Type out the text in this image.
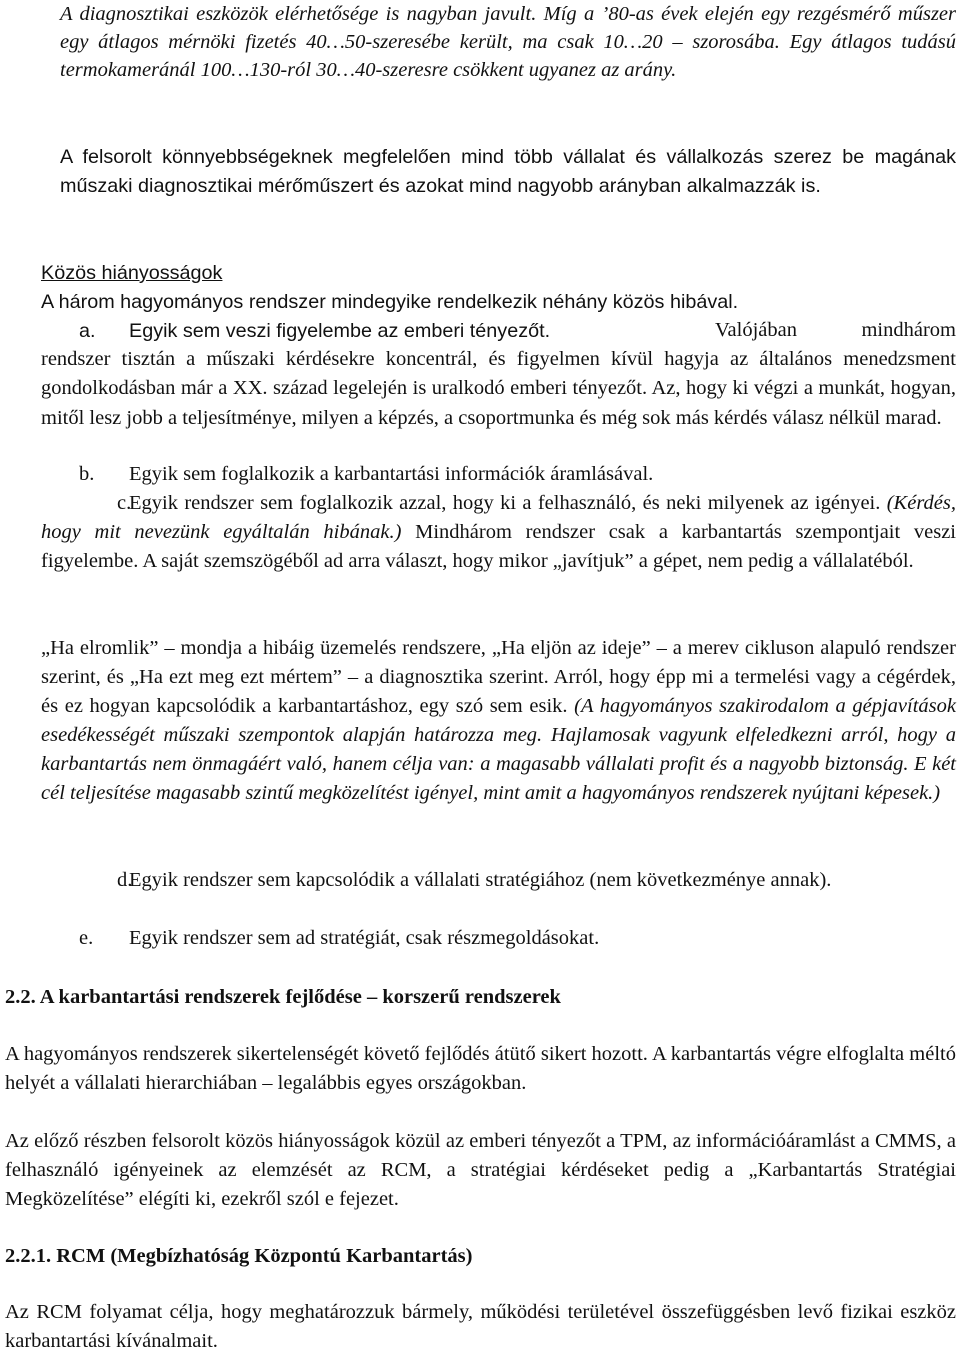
A diagnosztikai eszközök elérhetősége is nagyban javult. Míg a ’80-as évek elején egy rezgésmérő műszer egy átlagos mérnöki fizetés 40…50-szeresébe került, ma csak 10…20 – szorosába. Egy átlagos tudású termokameránál 100…130-ról 30…40-szeresre csökkent ugyanez az arány.

A felsorolt könnyebbségeknek megfelelően mind több vállalat és vállalkozás szerez be magának műszaki diagnosztikai mérőműszert és azokat mind nagyobb arányban alkalmazzák is.

Közös hiányosságok

A három hagyományos rendszer mindegyike rendelkezik néhány közös hibával.
a. Egyik sem veszi figyelembe az emberi tényezőt.	Valójában mindhárom rendszer tisztán a műszaki kérdésekre koncentrál, és figyelmen kívül hagyja az általános menedzsment gondolkodásban már a XX. század legelején is uralkodó emberi tényezőt. Az, hogy ki végzi a munkát, hogyan, mitől lesz jobb a teljesítménye, milyen a képzés, a csoportmunka és még sok más kérdés válasz nélkül marad.

b. Egyik sem foglalkozik a karbantartási információk áramlásával.

c.Egyik rendszer sem foglalkozik azzal, hogy ki a felhasználó, és neki milyenek az igényei. (Kérdés, hogy mit nevezünk egyáltalán hibának.) Mindhárom rendszer csak a karbantartás szempontjait veszi figyelembe. A saját szemszögéből ad arra választ, hogy mikor „javítjuk” a gépet, nem pedig a vállalatéból.

„Ha elromlik” – mondja a hibáig üzemelés rendszere, „Ha eljön az ideje” – a merev cikluson alapuló rendszer szerint, és „Ha ezt meg ezt mértem” – a diagnosztika szerint. Arról, hogy épp mi a termelési vagy a cégérdek, és ez hogyan kapcsolódik a karbantartáshoz, egy szó sem esik. (A hagyományos szakirodalom a gépjavítások esedékességét műszaki szempontok alapján határozza meg. Hajlamosak vagyunk elfeledkezni arról, hogy a karbantartás nem önmagáért való, hanem célja van: a magasabb vállalati profit és a nagyobb biztonság. E két cél teljesítése magasabb szintű megközelítést igényel, mint amit a hagyományos rendszerek nyújtani képesek.)

d.Egyik rendszer sem kapcsolódik a vállalati stratégiához (nem következménye annak).

e. Egyik rendszer sem ad stratégiát, csak részmegoldásokat.
2.2. A karbantartási rendszerek fejlődése – korszerű rendszerek

A hagyományos rendszerek sikertelenségét követő fejlődés átütő sikert hozott. A karbantartás végre elfoglalta méltó helyét a vállalati hierarchiában – legalábbis egyes országokban.

Az előző részben felsorolt közös hiányosságok közül az emberi tényezőt a TPM, az információáramlást a CMMS, a felhasználó igényeinek az elemzését az RCM, a stratégiai kérdéseket pedig a „Karbantartás Stratégiai Megközelítése” elégíti ki, ezekről szól e fejezet.

2.2.1. RCM (Megbízhatóság Központú Karbantartás)

Az RCM folyamat célja, hogy meghatározzuk bármely, működési területével összefüggésben levő fizikai eszköz karbantartási kívánalmait.
